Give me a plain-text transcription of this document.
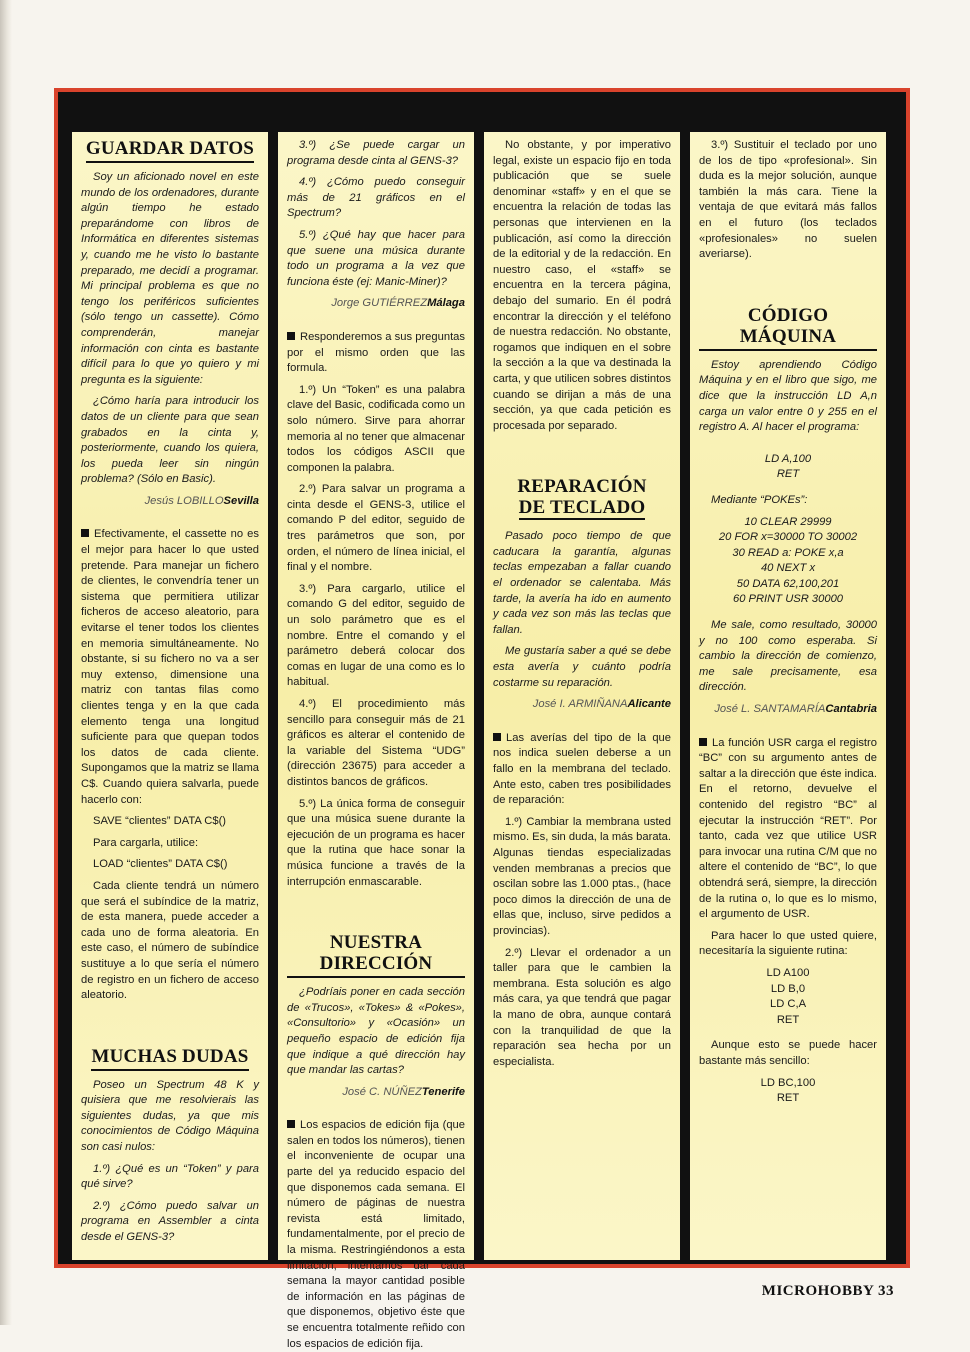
GUARDAR DATOS

Soy un aficionado novel en este mundo de los ordenadores, durante algún tiempo he estado preparándome con libros de Informática en diferentes sistemas y, cuando me he visto lo bastante preparado, me decidí a programar. Mi principal problema es que no tengo los periféricos suficientes (sólo tengo un cassette). Cómo comprenderán, manejar información con cinta es bastante difícil para lo que yo quiero y mi pregunta es la siguiente:

¿Cómo haría para introducir los datos de un cliente para que sean grabados en la cinta y, posteriormente, cuando los quiera, los pueda leer sin ningún problema? (Sólo en Basic).

Jesús LOBILLOSevilla

Efectivamente, el cassette no es el mejor para hacer lo que usted pretende. Para manejar un fichero de clientes, le convendría tener un sistema que permitiera utilizar ficheros de acceso aleatorio, para evitarse el tener todos los clientes en memoria simultáneamente. No obstante, si su fichero no va a ser muy extenso, dimensione una matriz con tantas filas como clientes tenga y en la que cada elemento tenga una longitud suficiente para que quepan todos los datos de cada cliente. Supongamos que la matriz se llama C$. Cuando quiera salvarla, puede hacerlo con:

SAVE “clientes” DATA C$()

Para cargarla, utilice:

LOAD “clientes” DATA C$()

Cada cliente tendrá un número que será el subíndice de la matriz, de esta manera, puede acceder a cada uno de forma aleatoria. En este caso, el número de subíndice sustituye a lo que sería el número de registro en un fichero de acceso aleatorio.

MUCHAS DUDAS

Poseo un Spectrum 48 K y quisiera que me resolvierais las siguientes dudas, ya que mis conocimientos de Código Máquina son casi nulos:

1.º) ¿Qué es un “Token” y para qué sirve?

2.º) ¿Cómo puedo salvar un programa en Assembler a cinta desde el GENS-3?

3.º) ¿Se puede cargar un programa desde cinta al GENS-3?

4.º) ¿Cómo puedo conseguir más de 21 gráficos en el Spectrum?

5.º) ¿Qué hay que hacer para que suene una música durante todo un programa a la vez que funciona éste (ej: Manic-Miner)?

Jorge GUTIÉRREZMálaga

Responderemos a sus preguntas por el mismo orden que las formula.

1.º) Un “Token” es una palabra clave del Basic, codificada como un solo número. Sirve para ahorrar memoria al no tener que almacenar todos los códigos ASCII que componen la palabra.

2.º) Para salvar un programa a cinta desde el GENS-3, utilice el comando P del editor, seguido de tres parámetros que son, por orden, el número de línea inicial, el final y el nombre.

3.º) Para cargarlo, utilice el comando G del editor, seguido de un solo parámetro que es el nombre. Entre el comando y el parámetro deberá colocar dos comas en lugar de una como es lo habitual.

4.º) El procedimiento más sencillo para conseguir más de 21 gráficos es alterar el contenido de la variable del Sistema “UDG” (dirección 23675) para acceder a distintos bancos de gráficos.

5.º) La única forma de conseguir que una música suene durante la ejecución de un programa es hacer que la rutina que hace sonar la música funcione a través de la interrupción enmascarable.

NUESTRA DIRECCIÓN

¿Podríais poner en cada sección de «Trucos», «Tokes» & «Pokes», «Consultorio» y «Ocasión» un pequeño espacio de edición fija que indique a qué dirección hay que mandar las cartas?

José C. NÚÑEZTenerife

Los espacios de edición fija (que salen en todos los números), tienen el inconveniente de ocupar una parte del ya reducido espacio del que disponemos cada semana. El número de páginas de nuestra revista está limitado, fundamentalmente, por el precio de la misma. Restringiéndonos a esta limitación, intentamos dar cada semana la mayor cantidad posible de información en las páginas de que disponemos, objetivo éste que se encuentra totalmente reñido con los espacios de edición fija.

No obstante, y por imperativo legal, existe un espacio fijo en toda publicación que se suele denominar «staff» y en el que se encuentra la relación de todas las personas que intervienen en la publicación, así como la dirección de la editorial y de la redacción. En nuestro caso, el «staff» se encuentra en la tercera página, debajo del sumario. En él podrá encontrar la dirección y el teléfono de nuestra redacción. No obstante, rogamos que indiquen en el sobre la sección a la que va destinada la carta, y que utilicen sobres distintos cuando se dirijan a más de una sección, ya que cada petición es procesada por separado.

REPARACIÓN
DE TECLADO

Pasado poco tiempo de que caducara la garantía, algunas teclas empezaban a fallar cuando el ordenador se calentaba. Más tarde, la avería ha ido en aumento y cada vez son más las teclas que fallan.

Me gustaría saber a qué se debe esta avería y cuánto podría costarme su reparación.

José I. ARMIÑANAAlicante

Las averías del tipo de la que nos indica suelen deberse a un fallo en la membrana del teclado. Ante esto, caben tres posibilidades de reparación:

1.º) Cambiar la membrana usted mismo. Es, sin duda, la más barata. Algunas tiendas especializadas venden membranas a precios que oscilan sobre las 1.000 ptas., (hace poco dimos la dirección de una de ellas que, incluso, sirve pedidos a provincias).

2.º) Llevar el ordenador a un taller para que le cambien la membrana. Esta solución es algo más cara, ya que tendrá que pagar la mano de obra, aunque contará con la tranquilidad de que la reparación sea hecha por un especialista.

3.º) Sustituir el teclado por uno de los de tipo «profesional». Sin duda es la mejor solución, aunque también la más cara. Tiene la ventaja de que evitará más fallos en el futuro (los teclados «profesionales» no suelen averiarse).

CÓDIGO MÁQUINA

Estoy aprendiendo Código Máquina y en el libro que sigo, me dice que la instrucción LD A,n carga un valor entre 0 y 255 en el registro A. Al hacer el programa:

LD A,100

RET

Mediante “POKEs”:

10 CLEAR 29999

20 FOR x=30000 TO 30002

30 READ a: POKE x,a

40 NEXT x

50 DATA 62,100,201

60 PRINT USR 30000

Me sale, como resultado, 30000 y no 100 como esperaba. Si cambio la dirección de comienzo, me sale precisamente, esa dirección.

José L. SANTAMARÍACantabria

La función USR carga el registro “BC” con su argumento antes de saltar a la dirección que éste indica. En el retorno, devuelve el contenido del registro “BC” al ejecutar la instrucción “RET”. Por tanto, cada vez que utilice USR para invocar una rutina C/M que no altere el contenido de “BC”, lo que obtendrá será, siempre, la dirección de la rutina o, lo que es lo mismo, el argumento de USR.

Para hacer lo que usted quiere, necesitaría la siguiente rutina:

LD A100

LD B,0

LD C,A

RET

Aunque esto se puede hacer bastante más sencillo:

LD BC,100

RET

MICROHOBBY 33
